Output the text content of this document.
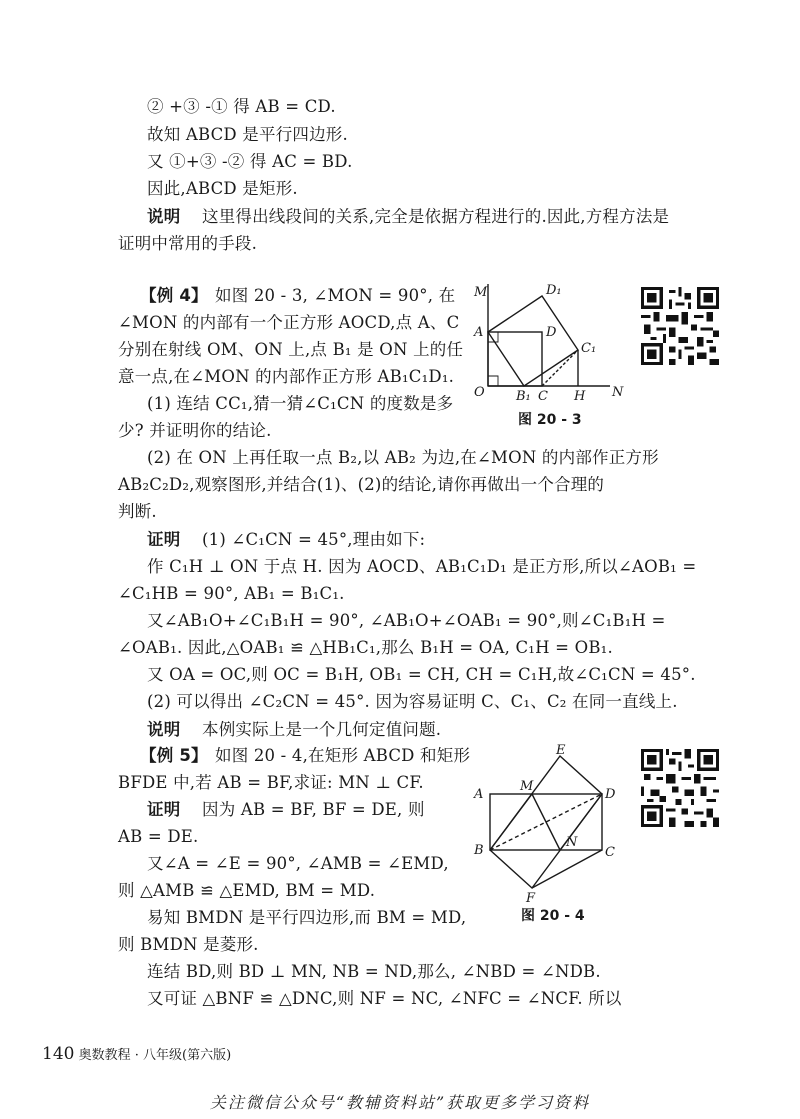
② +③ -① 得 AB = CD.
故知 ABCD 是平行四边形.
又 ①+③ -② 得 AC = BD.
因此,ABCD 是矩形.
说明 这里得出线段间的关系,完全是依据方程进行的.因此,方程方法是
证明中常用的手段.
【例 4】 如图 20 - 3, ∠MON = 90°, 在
∠MON 的内部有一个正方形 AOCD,点 A、C
分别在射线 OM、ON 上,点 B₁ 是 ON 上的任
意一点,在∠MON 的内部作正方形 AB₁C₁D₁.
(1) 连结 CC₁,猜一猜∠C₁CN 的度数是多
少? 并证明你的结论.
(2) 在 ON 上再任取一点 B₂,以 AB₂ 为边,在∠MON 的内部作正方形
AB₂C₂D₂,观察图形,并结合(1)、(2)的结论,请你再做出一个合理的
判断.
证明 (1) ∠C₁CN = 45°,理由如下:
作 C₁H ⊥ ON 于点 H. 因为 AOCD、AB₁C₁D₁ 是正方形,所以∠AOB₁ =
∠C₁HB = 90°, AB₁ = B₁C₁.
又∠AB₁O+∠C₁B₁H = 90°, ∠AB₁O+∠OAB₁ = 90°,则∠C₁B₁H =
∠OAB₁. 因此,△OAB₁ ≌ △HB₁C₁,那么 B₁H = OA, C₁H = OB₁.
又 OA = OC,则 OC = B₁H, OB₁ = CH, CH = C₁H,故∠C₁CN = 45°.
(2) 可以得出 ∠C₂CN = 45°. 因为容易证明 C、C₁、C₂ 在同一直线上.
说明 本例实际上是一个几何定值问题.
M	D₁
A	D
C₁
O B₁ C H N
图 20 - 3
【例 5】 如图 20 - 4,在矩形 ABCD 和矩形
BFDE 中,若 AB = BF,求证: MN ⊥ CF.
证明 因为 AB = BF, BF = DE, 则
AB = DE.
又∠A = ∠E = 90°, ∠AMB = ∠EMD,
则 △AMB ≌ △EMD, BM = MD.
易知 BMDN 是平行四边形,而 BM = MD,
则 BMDN 是菱形.
连结 BD,则 BD ⊥ MN, NB = ND,那么, ∠NBD = ∠NDB.
又可证 △BNF ≌ △DNC,则 NF = NC, ∠NFC = ∠NCF. 所以
E
A
M
D
N
B	C
F
图 20 - 4
140 奥数教程 · 八年级(第六版)
关注微信公众号“教辅资料站”获取更多学习资料
